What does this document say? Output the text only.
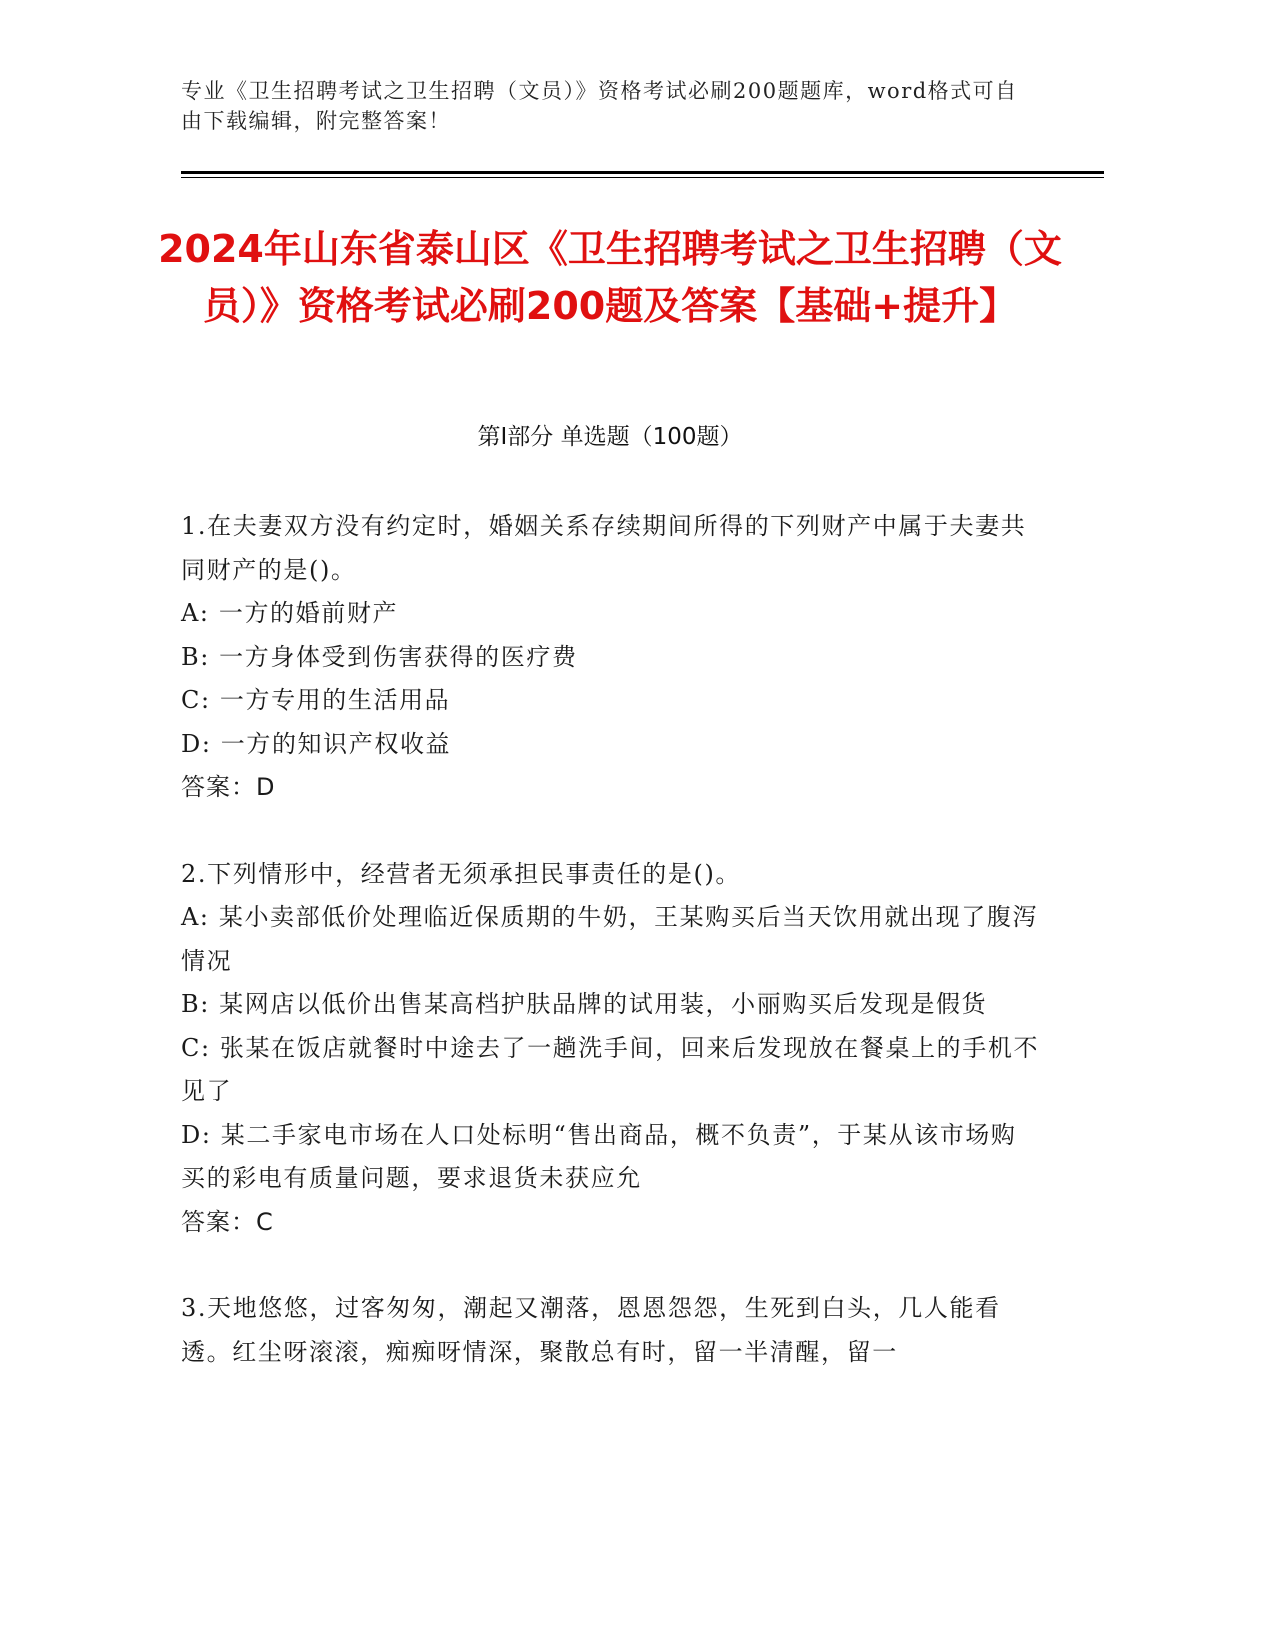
专业《卫生招聘考试之卫生招聘（文员）》资格考试必刷200题题库，word格式可自由下载编辑，附完整答案！
2024年山东省泰山区《卫生招聘考试之卫生招聘（文员）》资格考试必刷200题及答案【基础+提升】
第I部分 单选题（100题）

1.在夫妻双方没有约定时，婚姻关系存续期间所得的下列财产中属于夫妻共同财产的是()。

A: 一方的婚前财产

B: 一方身体受到伤害获得的医疗费

C: 一方专用的生活用品

D: 一方的知识产权收益

答案：D

2.下列情形中，经营者无须承担民事责任的是()。

A: 某小卖部低价处理临近保质期的牛奶，王某购买后当天饮用就出现了腹泻情况

B: 某网店以低价出售某高档护肤品牌的试用装，小丽购买后发现是假货

C: 张某在饭店就餐时中途去了一趟洗手间，回来后发现放在餐桌上的手机不见了

D: 某二手家电市场在人口处标明“售出商品，概不负责”，于某从该市场购买的彩电有质量问题，要求退货未获应允

答案：C

3.天地悠悠，过客匆匆，潮起又潮落，恩恩怨怨，生死到白头，几人能看透。红尘呀滚滚，痴痴呀情深，聚散总有时，留一半清醒，留一
